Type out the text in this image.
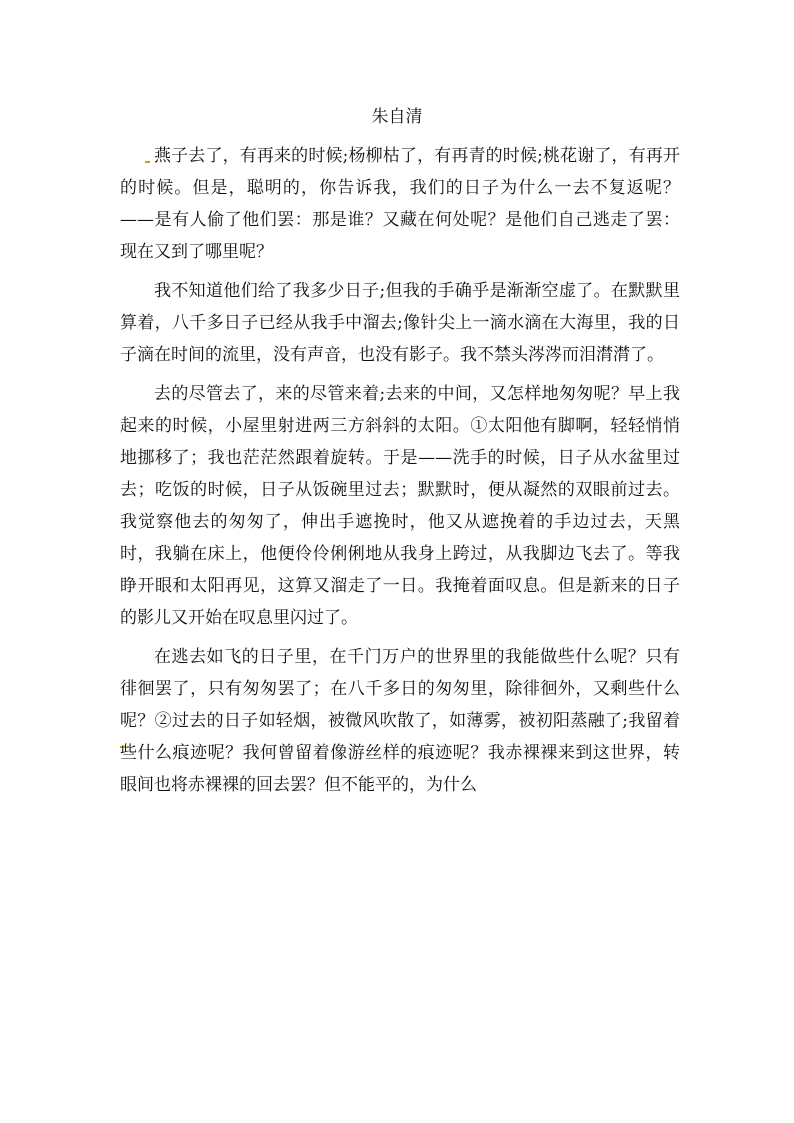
朱自清

燕子去了，有再来的时候;杨柳枯了，有再青的时候;桃花谢了，有再开的时候。但是，聪明的，你告诉我，我们的日子为什么一去不复返呢？——是有人偷了他们罢：那是谁？又藏在何处呢？是他们自己逃走了罢：现在又到了哪里呢？

我不知道他们给了我多少日子;但我的手确乎是渐渐空虚了。在默默里算着，八千多日子已经从我手中溜去;像针尖上一滴水滴在大海里，我的日子滴在时间的流里，没有声音，也没有影子。我不禁头涔涔而泪潸潸了。

去的尽管去了，来的尽管来着;去来的中间，又怎样地匆匆呢？早上我起来的时候，小屋里射进两三方斜斜的太阳。①太阳他有脚啊，轻轻悄悄地挪移了；我也茫茫然跟着旋转。于是——洗手的时候，日子从水盆里过去；吃饭的时候，日子从饭碗里过去；默默时，便从凝然的双眼前过去。我觉察他去的匆匆了，伸出手遮挽时，他又从遮挽着的手边过去，天黑时，我躺在床上，他便伶伶俐俐地从我身上跨过，从我脚边飞去了。等我睁开眼和太阳再见，这算又溜走了一日。我掩着面叹息。但是新来的日子的影儿又开始在叹息里闪过了。

在逃去如飞的日子里，在千门万户的世界里的我能做些什么呢？只有徘徊罢了，只有匆匆罢了；在八千多日的匆匆里，除徘徊外，又剩些什么呢？②过去的日子如轻烟，被微风吹散了，如薄雾，被初阳蒸融了;我留着些什么痕迹呢？我何曾留着像游丝样的痕迹呢？我赤裸裸来到这世界，转眼间也将赤裸裸的回去罢？但不能平的，为什么
